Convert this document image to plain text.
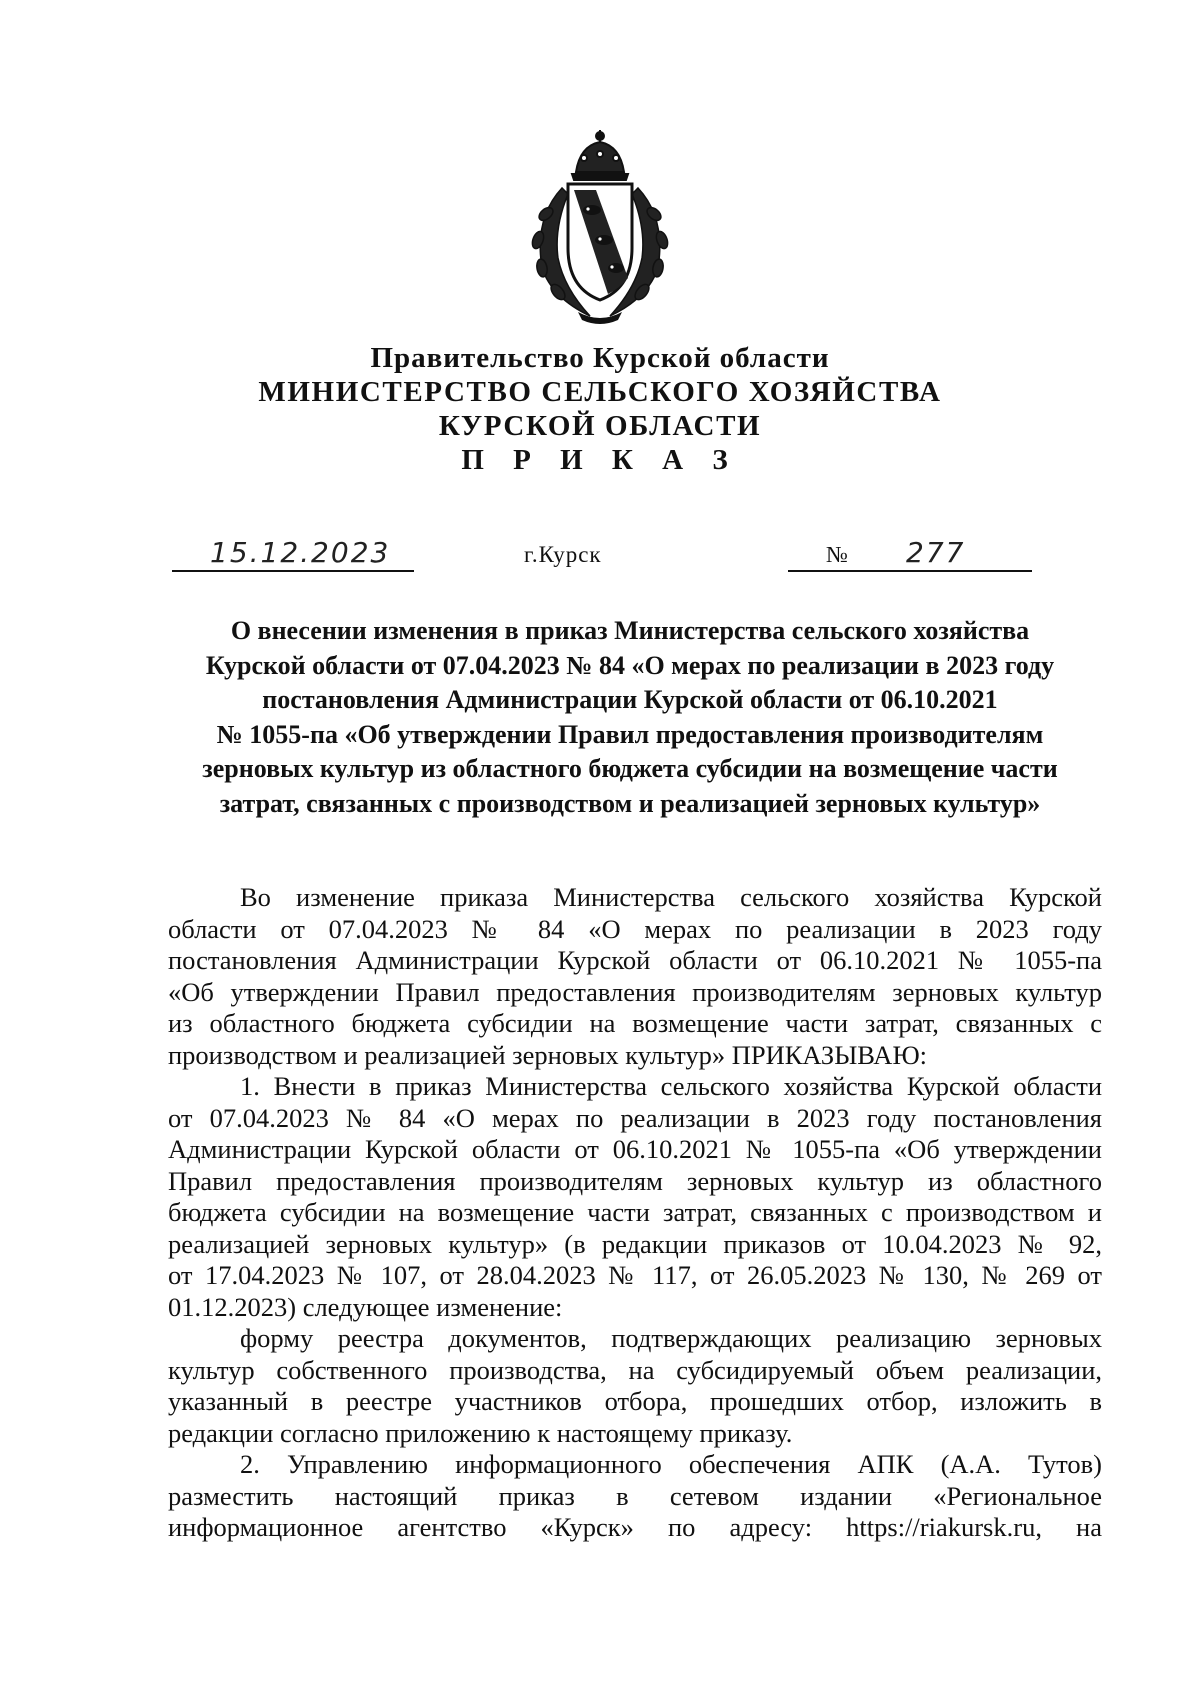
Правительство Курской области
МИНИСТЕРСТВО СЕЛЬСКОГО ХОЗЯЙСТВА
КУРСКОЙ ОБЛАСТИ
П Р И К А З
15.12.2023	г.Курск	№ 277
О внесении изменения в приказ Министерства сельского хозяйства
Курской области от 07.04.2023 № 84 «О мерах по реализации в 2023 году
постановления Администрации Курской области от 06.10.2021
№ 1055-па «Об утверждении Правил предоставления производителям
зерновых культур из областного бюджета субсидии на возмещение части
затрат, связанных с производством и реализацией зерновых культур»
Во изменение приказа Министерства сельского хозяйства Курской
области от 07.04.2023 № 84 «О мерах по реализации в 2023 году
постановления Администрации Курской области от 06.10.2021 № 1055-па
«Об утверждении Правил предоставления производителям зерновых культур
из областного бюджета субсидии на возмещение части затрат, связанных с
производством и реализацией зерновых культур» ПРИКАЗЫВАЮ:
1. Внести в приказ Министерства сельского хозяйства Курской области
от 07.04.2023 № 84 «О мерах по реализации в 2023 году постановления
Администрации Курской области от 06.10.2021 № 1055-па «Об утверждении
Правил предоставления производителям зерновых культур из областного
бюджета субсидии на возмещение части затрат, связанных с производством и
реализацией зерновых культур» (в редакции приказов от 10.04.2023 № 92,
от 17.04.2023 № 107, от 28.04.2023 № 117, от 26.05.2023 № 130, № 269 от
01.12.2023) следующее изменение:
форму реестра документов, подтверждающих реализацию зерновых
культур собственного производства, на субсидируемый объем реализации,
указанный в реестре участников отбора, прошедших отбор, изложить в
редакции согласно приложению к настоящему приказу.
2. Управлению информационного обеспечения АПК (А.А. Тутов)
разместить настоящий приказ в сетевом издании «Региональное
информационное агентство «Курск» по адресу: https://riakursk.ru, на
